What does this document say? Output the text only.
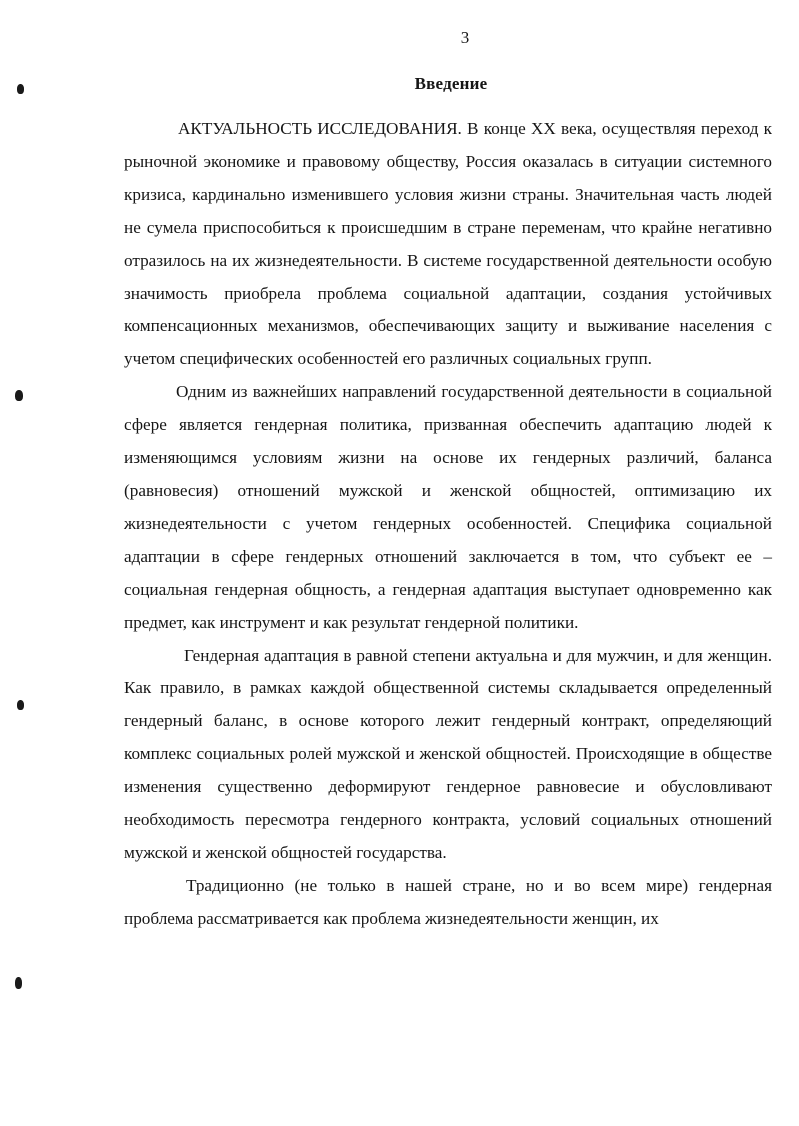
3
Введение

АКТУАЛЬНОСТЬ ИССЛЕДОВАНИЯ. В конце XX века, осуществляя переход к рыночной экономике и правовому обществу, Россия оказалась в ситуации системного кризиса, кардинально изменившего условия жизни страны. Значительная часть людей не сумела приспособиться к происшедшим в стране переменам, что крайне негативно отразилось на их жизнедеятельности. В системе государственной деятельности особую значимость приобрела проблема социальной адаптации, создания устойчивых компенсационных механизмов, обеспечивающих защиту и выживание населения с учетом специфических особенностей его различных социальных групп.

Одним из важнейших направлений государственной деятельности в социальной сфере является гендерная политика, призванная обеспечить адаптацию людей к изменяющимся условиям жизни на основе их гендерных различий, баланса (равновесия) отношений мужской и женской общностей, оптимизацию их жизнедеятельности с учетом гендерных особенностей. Специфика социальной адаптации в сфере гендерных отношений заключается в том, что субъект ее – социальная гендерная общность, а гендерная адаптация выступает одновременно как предмет, как инструмент и как результат гендерной политики.

Гендерная адаптация в равной степени актуальна и для мужчин, и для женщин. Как правило, в рамках каждой общественной системы складывается определенный гендерный баланс, в основе которого лежит гендерный контракт, определяющий комплекс социальных ролей мужской и женской общностей. Происходящие в обществе изменения существенно деформируют гендерное равновесие и обусловливают необходимость пересмотра гендерного контракта, условий социальных отношений мужской и женской общностей государства.

Традиционно (не только в нашей стране, но и во всем мире) гендерная проблема рассматривается как проблема жизнедеятельности женщин, их
